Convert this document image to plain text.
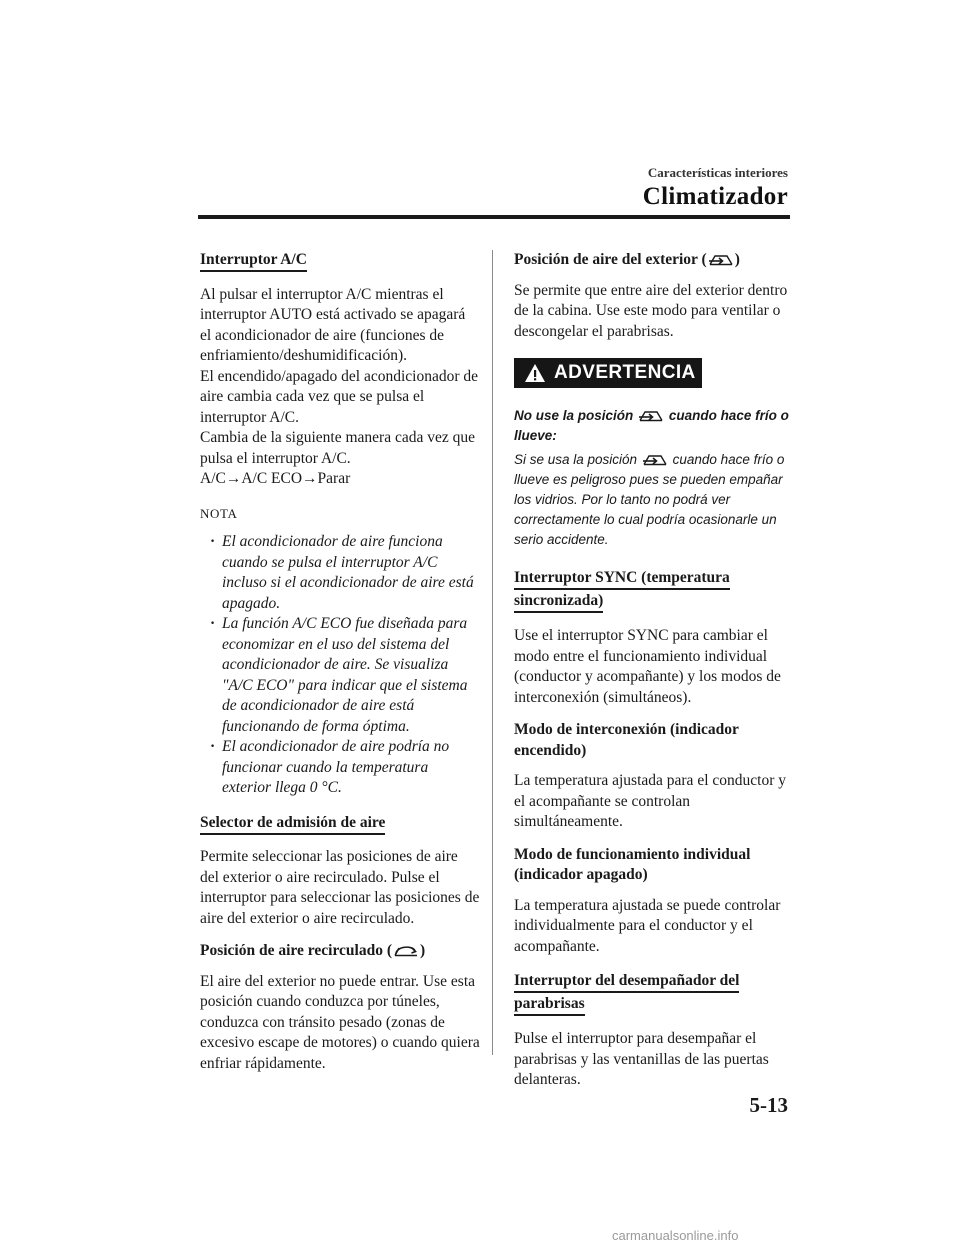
Características interiores
Climatizador
Interruptor A/C

Al pulsar el interruptor A/C mientras el interruptor AUTO está activado se apagará el acondicionador de aire (funciones de enfriamiento/deshumidificación).

El encendido/apagado del acondicionador de aire cambia cada vez que se pulsa el interruptor A/C.

Cambia de la siguiente manera cada vez que pulsa el interruptor A/C.

A/C→A/C ECO→Parar

NOTA
· El acondicionador de aire funciona cuando se pulsa el interruptor A/C incluso si el acondicionador de aire está apagado.
· La función A/C ECO fue diseñada para economizar en el uso del sistema del acondicionador de aire. Se visualiza "A/C ECO" para indicar que el sistema de acondicionador de aire está funcionando de forma óptima.
· El acondicionador de aire podría no funcionar cuando la temperatura exterior llega 0 °C.
Selector de admisión de aire

Permite seleccionar las posiciones de aire del exterior o aire recirculado. Pulse el interruptor para seleccionar las posiciones de aire del exterior o aire recirculado.

Posición de aire recirculado ( )

El aire del exterior no puede entrar. Use esta posición cuando conduzca por túneles, conduzca con tránsito pesado (zonas de excesivo escape de motores) o cuando quiera enfriar rápidamente.

Posición de aire del exterior ( )

Se permite que entre aire del exterior dentro de la cabina. Use este modo para ventilar o descongelar el parabrisas.

ADVERTENCIA
No use la posición	cuando hace frío o llueve:
Si se usa la posición	cuando hace frío o llueve es peligroso pues se pueden empañar los vidrios. Por lo tanto no podrá ver correctamente lo cual podría ocasionarle un serio accidente.
Interruptor SYNC (temperatura sincronizada)

Use el interruptor SYNC para cambiar el modo entre el funcionamiento individual (conductor y acompañante) y los modos de interconexión (simultáneos).

Modo de interconexión (indicador encendido)

La temperatura ajustada para el conductor y el acompañante se controlan simultáneamente.

Modo de funcionamiento individual (indicador apagado)

La temperatura ajustada se puede controlar individualmente para el conductor y el acompañante.

Interruptor del desempañador del parabrisas

Pulse el interruptor para desempañar el parabrisas y las ventanillas de las puertas delanteras.

5-13
carmanualsonline.info
